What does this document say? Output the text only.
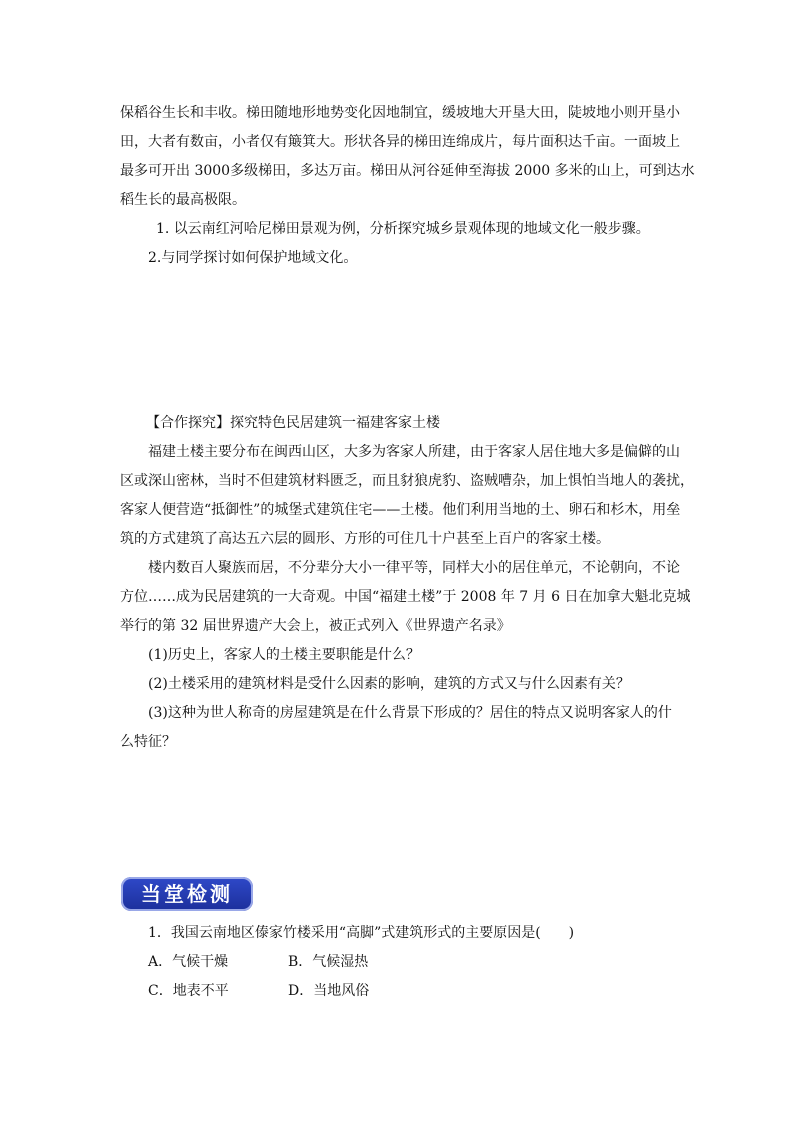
保稻谷生长和丰收。梯田随地形地势变化因地制宜，缓坡地大开垦大田，陡坡地小则开垦小
田，大者有数亩，小者仅有簸箕大。形状各异的梯田连绵成片，每片面积达千亩。一面坡上
最多可开出 3000多级梯田，多达万亩。梯田从河谷延伸至海拔 2000 多米的山上，可到达水
稻生长的最高极限。
1. 以云南红河哈尼梯田景观为例，分析探究城乡景观体现的地域文化一般步骤。
2.与同学探讨如何保护地域文化。
【合作探究】探究特色民居建筑一福建客家土楼
福建土楼主要分布在闽西山区，大多为客家人所建，由于客家人居住地大多是偏僻的山
区或深山密林，当时不但建筑材料匮乏，而且豺狼虎豹、盗贼嘈杂，加上惧怕当地人的袭扰，
客家人便营造“抵御性”的城堡式建筑住宅——土楼。他们利用当地的土、卵石和杉木，用垒
筑的方式建筑了高达五六层的圆形、方形的可住几十户甚至上百户的客家土楼。
楼内数百人聚族而居，不分辈分大小一律平等，同样大小的居住单元，不论朝向，不论
方位……成为民居建筑的一大奇观。中国“福建土楼”于 2008 年 7 月 6 日在加拿大魁北克城
举行的第 32 届世界遗产大会上，被正式列入《世界遗产名录》
(1)历史上，客家人的土楼主要职能是什么？
(2)土楼采用的建筑材料是受什么因素的影响，建筑的方式又与什么因素有关？
(3)这种为世人称奇的房屋建筑是在什么背景下形成的？居住的特点又说明客家人的什
么特征？
当堂检测
1．我国云南地区傣家竹楼采用“高脚”式建筑形式的主要原因是(　　)
A．气候干燥	B．气候湿热
C．地表不平	D．当地风俗
